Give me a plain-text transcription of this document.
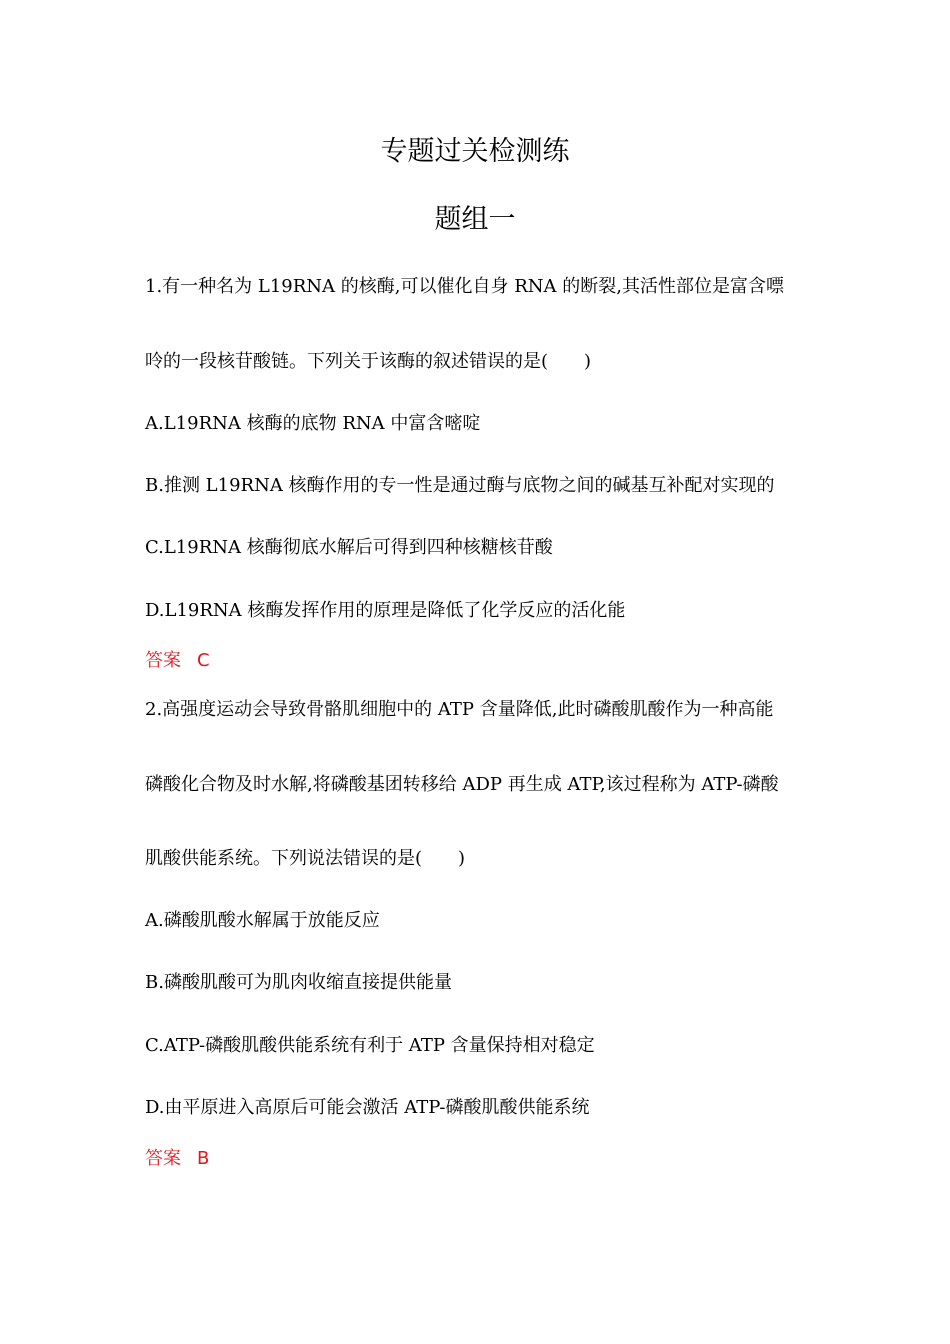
专题过关检测练
题组一
1.有一种名为 L19RNA 的核酶,可以催化自身 RNA 的断裂,其活性部位是富含嘌
呤的一段核苷酸链。下列关于该酶的叙述错误的是(　　)
A.L19RNA 核酶的底物 RNA 中富含嘧啶
B.推测 L19RNA 核酶作用的专一性是通过酶与底物之间的碱基互补配对实现的
C.L19RNA 核酶彻底水解后可得到四种核糖核苷酸
D.L19RNA 核酶发挥作用的原理是降低了化学反应的活化能
答案 C
2.高强度运动会导致骨骼肌细胞中的 ATP 含量降低,此时磷酸肌酸作为一种高能
磷酸化合物及时水解,将磷酸基团转移给 ADP 再生成 ATP,该过程称为 ATP-磷酸
肌酸供能系统。下列说法错误的是(　　)
A.磷酸肌酸水解属于放能反应
B.磷酸肌酸可为肌肉收缩直接提供能量
C.ATP-磷酸肌酸供能系统有利于 ATP 含量保持相对稳定
D.由平原进入高原后可能会激活 ATP-磷酸肌酸供能系统
答案 B
